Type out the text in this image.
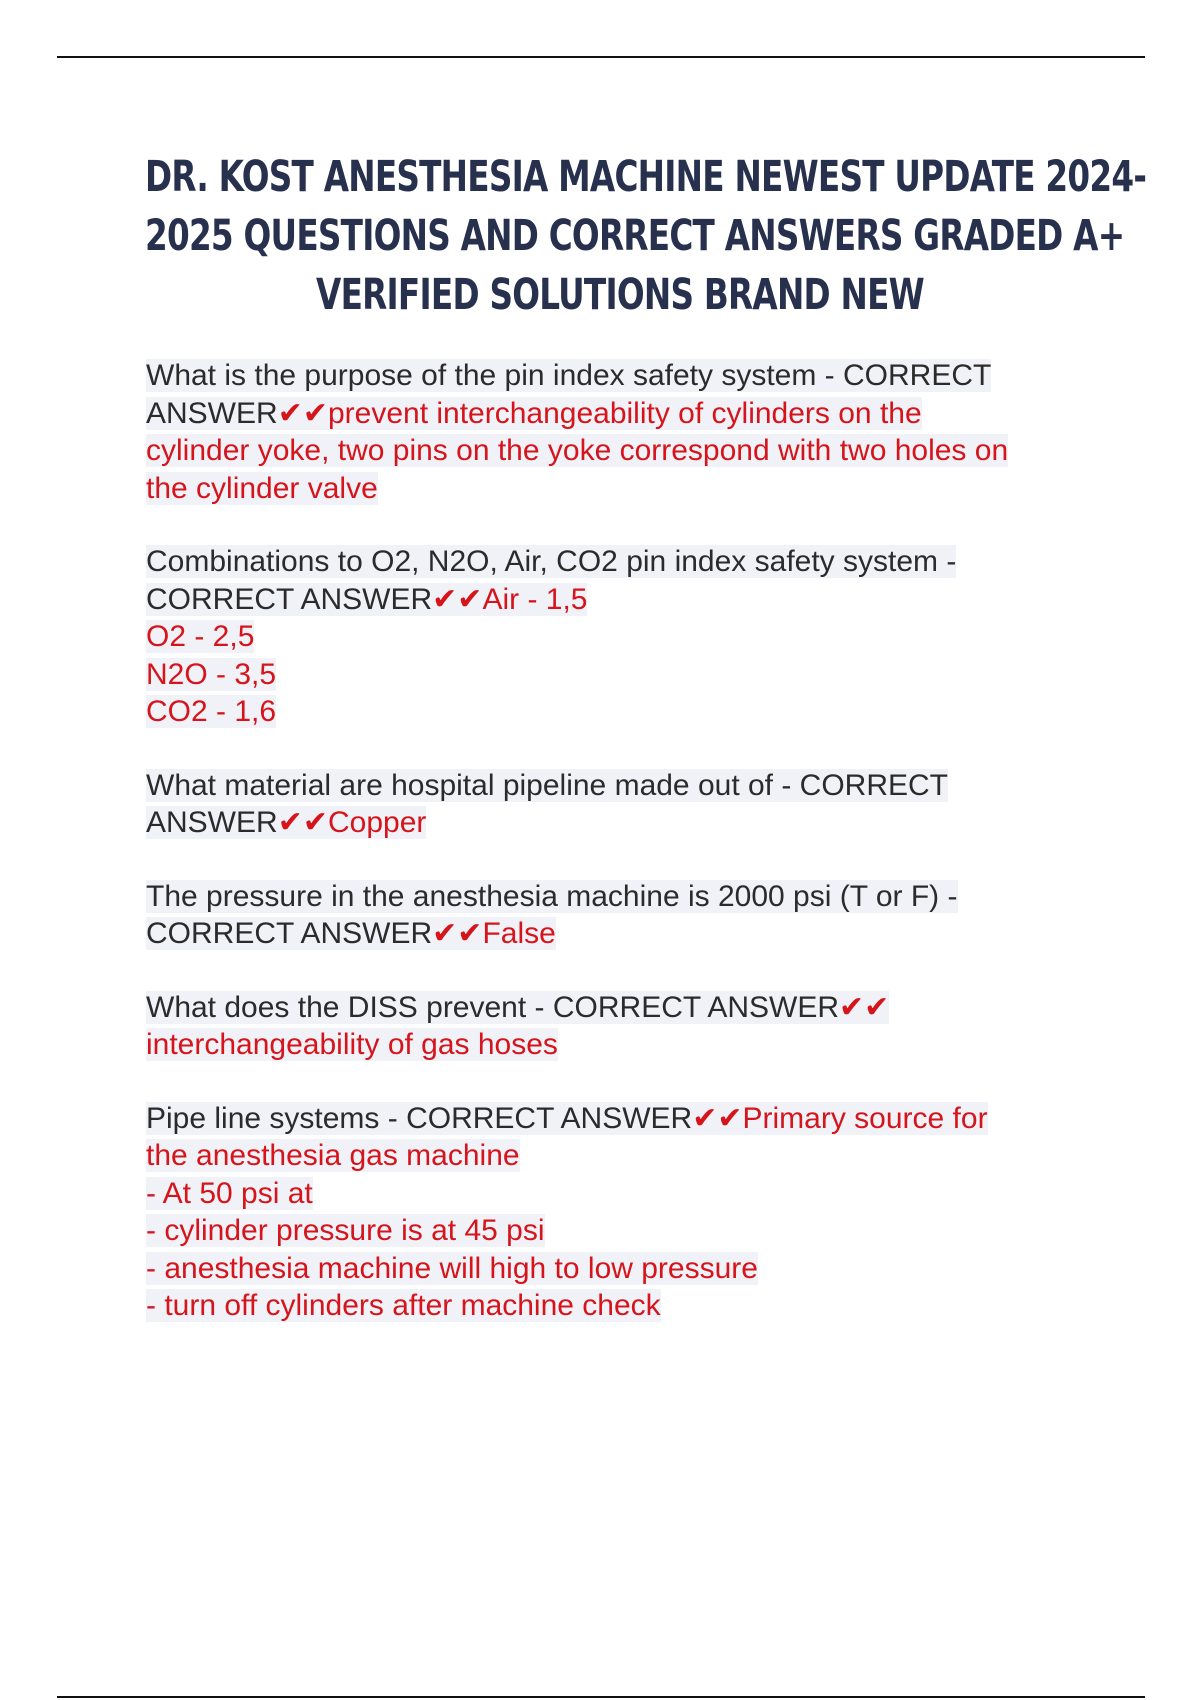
DR. KOST ANESTHESIA MACHINE NEWEST UPDATE 2024-
2025 QUESTIONS AND CORRECT ANSWERS GRADED A+
VERIFIED SOLUTIONS BRAND NEW
What is the purpose of the pin index safety system - CORRECT
ANSWER✔✔prevent interchangeability of cylinders on the
cylinder yoke, two pins on the yoke correspond with two holes on
the cylinder valve
Combinations to O2, N2O, Air, CO2 pin index safety system -
CORRECT ANSWER✔✔Air - 1,5
O2 - 2,5
N2O - 3,5
CO2 - 1,6
What material are hospital pipeline made out of - CORRECT
ANSWER✔✔Copper
The pressure in the anesthesia machine is 2000 psi (T or F) -
CORRECT ANSWER✔✔False
What does the DISS prevent - CORRECT ANSWER✔✔
interchangeability of gas hoses
Pipe line systems - CORRECT ANSWER✔✔Primary source for
the anesthesia gas machine
- At 50 psi at
- cylinder pressure is at 45 psi
- anesthesia machine will high to low pressure
- turn off cylinders after machine check
